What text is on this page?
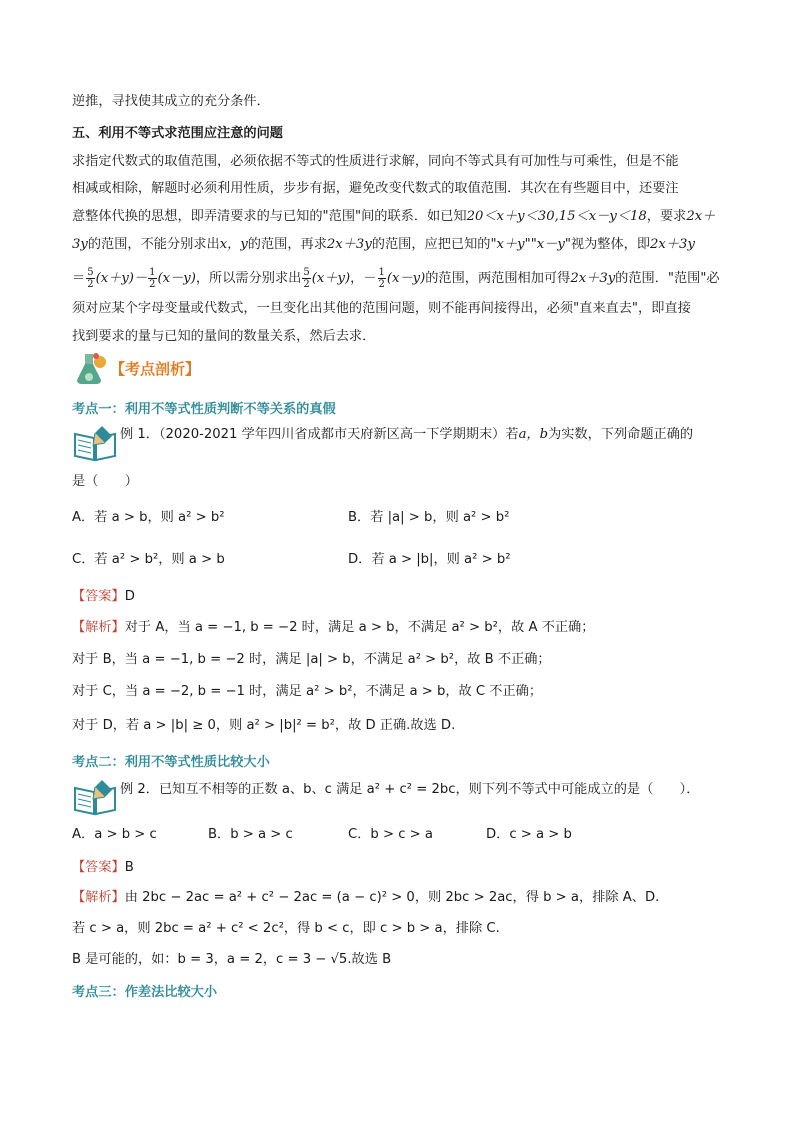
逆推，寻找使其成立的充分条件．
五、利用不等式求范围应注意的问题
求指定代数式的取值范围，必须依据不等式的性质进行求解，同向不等式具有可加性与可乘性，但是不能
相减或相除，解题时必须利用性质，步步有据，避免改变代数式的取值范围．其次在有些题目中，还要注
意整体代换的思想，即弄清要求的与已知的"范围"间的联系．如已知20＜x＋y＜30,15＜x－y＜18，要求2x＋
3y的范围，不能分别求出x，y的范围，再求2x＋3y的范围，应把已知的"x＋y""x－y"视为整体，即2x＋3y
＝ $\frac{5}{2} (x+y)- \frac{1}{2} (x-y)$，所以需分别求出 $\frac{5}{2} (x+y)$，－ $\frac{1}{2} (x-y)$的范围，两范围相加可得2x＋3y的范围．"范围"必
须对应某个字母变量或代数式，一旦变化出其他的范围问题，则不能再间接得出，必须"直来直去"，即直接
找到要求的量与已知的量间的数量关系，然后去求．
【考点剖析】
考点一：利用不等式性质判断不等关系的真假
例 1．（2020-2021 学年四川省成都市天府新区高一下学期期末）若a，b为实数，下列命题正确的
是（　　）
A．若 a > b，则 a² > b²	B．若 |a| > b，则 a² > b²
C．若 a² > b²，则 a > b	D．若 a > |b|，则 a² > b²
【答案】D
【解析】对于 A，当 a = −1, b = −2 时，满足 a > b，不满足 a² > b²，故 A 不正确；
对于 B，当 a = −1, b = −2 时，满足 |a| > b，不满足 a² > b²，故 B 不正确；
对于 C，当 a = −2, b = −1 时，满足 a² > b²，不满足 a > b，故 C 不正确；
对于 D，若 a > |b| ≥ 0，则 a² > |b|² = b²，故 D 正确.故选 D.
考点二：利用不等式性质比较大小
例 2．已知互不相等的正数 a、b、c 满足 a² + c² = 2bc，则下列不等式中可能成立的是（　　）．
A．a > b > c	B．b > a > c	C．b > c > a	D．c > a > b
【答案】B
【解析】由 2bc − 2ac = a² + c² − 2ac = (a − c)² > 0，则 2bc > 2ac，得 b > a，排除 A、D.
若 c > a，则 2bc = a² + c² < 2c²，得 b < c，即 c > b > a，排除 C.
B 是可能的，如：b = 3，a = 2，c = 3 − √5.故选 B
考点三：作差法比较大小
